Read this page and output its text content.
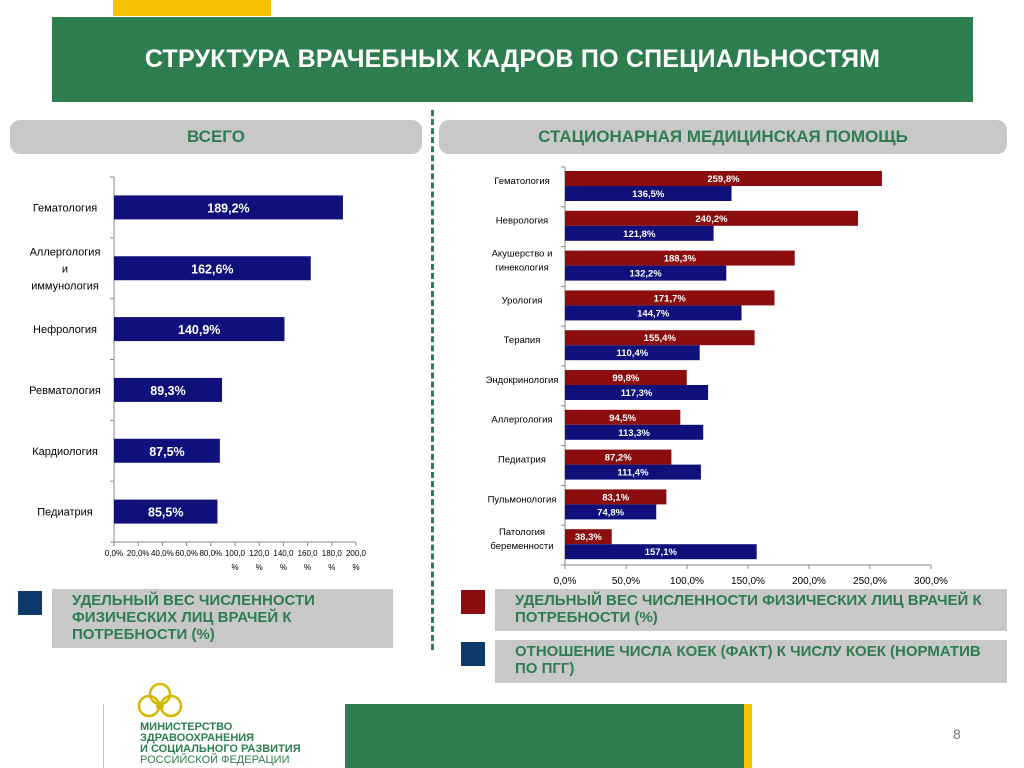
СТРУКТУРА ВРАЧЕБНЫХ КАДРОВ ПО СПЕЦИАЛЬНОСТЯМ
ВСЕГО	СТАЦИОНАРНАЯ МЕДИЦИНСКАЯ ПОМОЩЬ
189,2%
Гематология
162,6%
Аллергология
и
иммунология
140,9%
Нефрология
89,3%
Ревматология
87,5%
Кардиология
85,5%
Педиатрия
0,0% 20,0% 40,0% 60,0% 80,0% 100,0
%
120,0
%
140,0
%
160,0
%
180,0
%
200,0
%
259,8%
136,5%
Гематология
240,2%
121,8%
Неврология
188,3%
132,2%
Акушерство и
гинекология
171,7%
144,7%
Урология
155,4%
110,4%
Терапия
99,8%
117,3%
Эндокринология
94,5%
113,3%
Аллергология
87,2%
111,4%
Педиатрия
83,1%
74,8%
Пульмонология
38,3%
157,1%
Патология
беременности
0,0%	50,0%	100,0%	150,0%	200,0%	250,0%	300,0%
УДЕЛЬНЫЙ ВЕС ЧИСЛЕННОСТИ ФИЗИЧЕСКИХ ЛИЦ ВРАЧЕЙ К ПОТРЕБНОСТИ (%)
УДЕЛЬНЫЙ ВЕС ЧИСЛЕННОСТИ ФИЗИЧЕСКИХ ЛИЦ ВРАЧЕЙ К ПОТРЕБНОСТИ (%)
ОТНОШЕНИЕ ЧИСЛА КОЕК (ФАКТ) К ЧИСЛУ КОЕК (НОРМАТИВ ПО ПГГ)
МИНИСТЕРСТВО
ЗДРАВООХРАНЕНИЯ
И СОЦИАЛЬНОГО РАЗВИТИЯ
РОССИЙСКОЙ ФЕДЕРАЦИИ
8
